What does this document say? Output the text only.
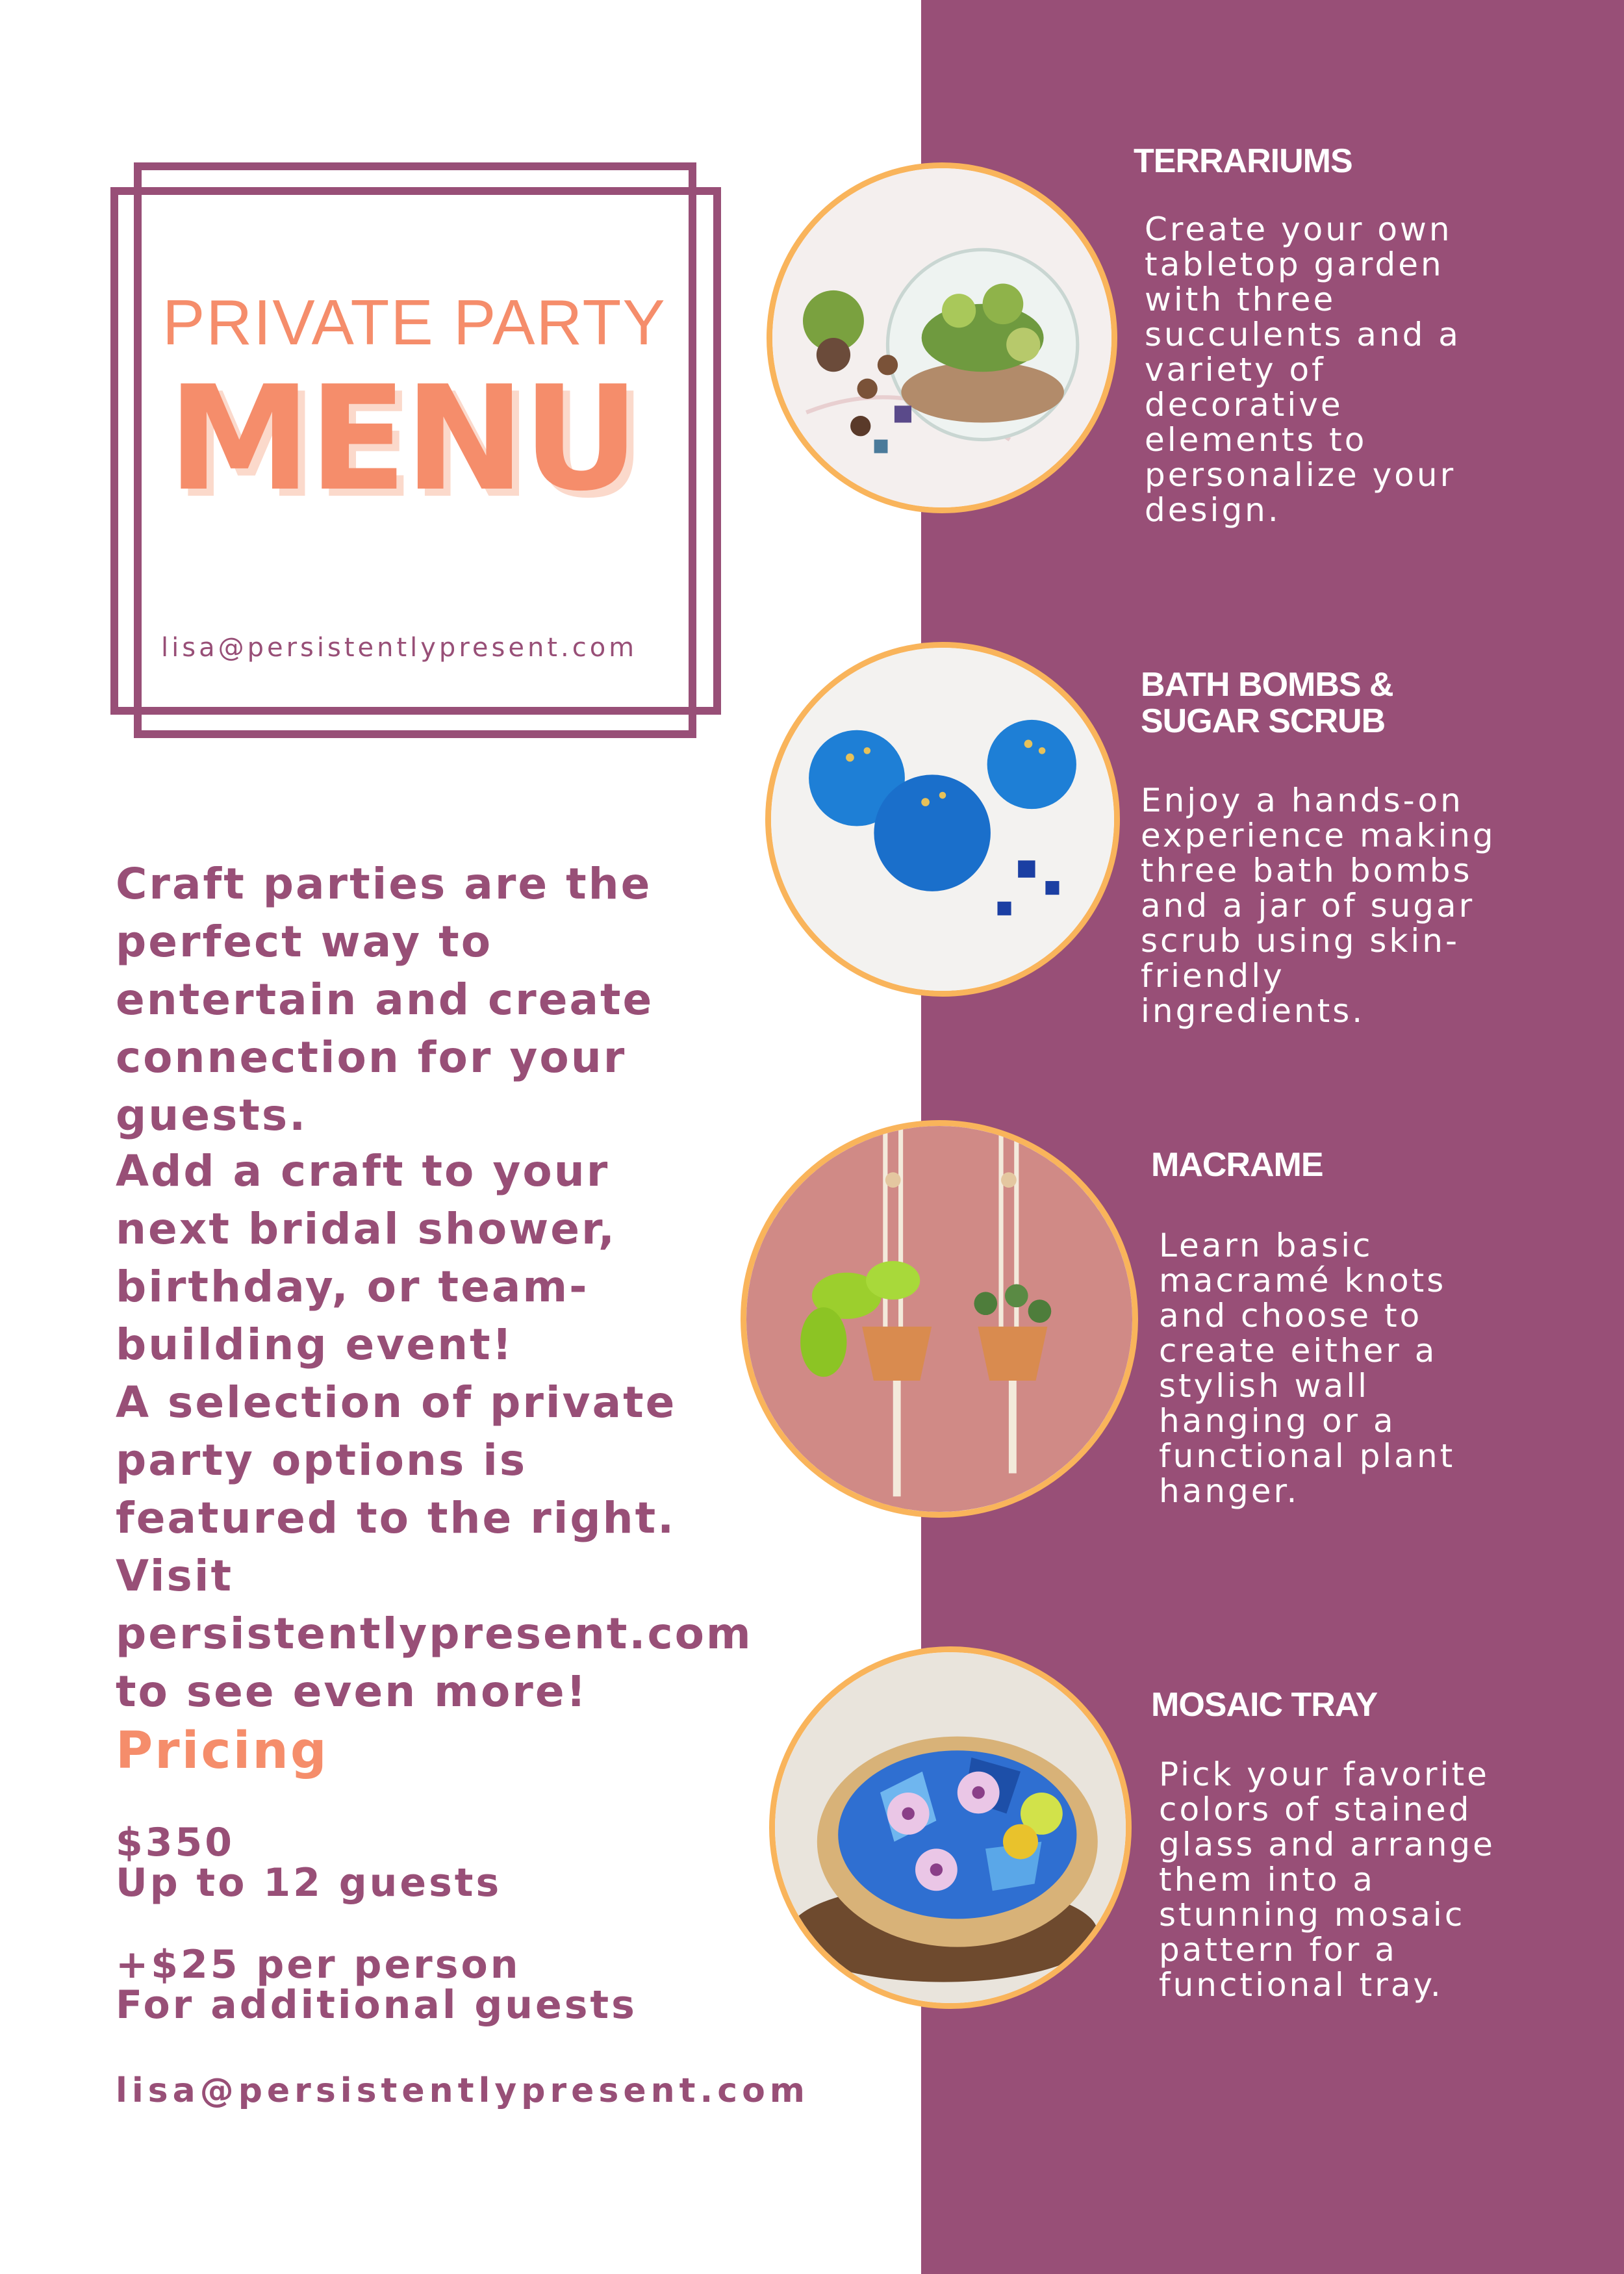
PRIVATE PARTY
MENU
lisa@persistentlypresent.com

Craft parties are the perfect way to entertain and create connection for your guests.

Add a craft to your next bridal shower, birthday, or team-building event!

A selection of private party options is featured to the right. Visit persistentlypresent.com to see even more!

Pricing
$350
Up to 12 guests
+$25 per person
For additional guests
lisa@persistentlypresent.com
TERRARIUMS

Create your own tabletop garden with three succulents and a variety of decorative elements to personalize your design.

BATH BOMBS & SUGAR SCRUB

Enjoy a hands-on experience making three bath bombs and a jar of sugar scrub using skin-friendly ingredients.

MACRAME

Learn basic macramé knots and choose to create either a stylish wall hanging or a functional plant hanger.

MOSAIC TRAY

Pick your favorite colors of stained glass and arrange them into a stunning mosaic pattern for a functional tray.
